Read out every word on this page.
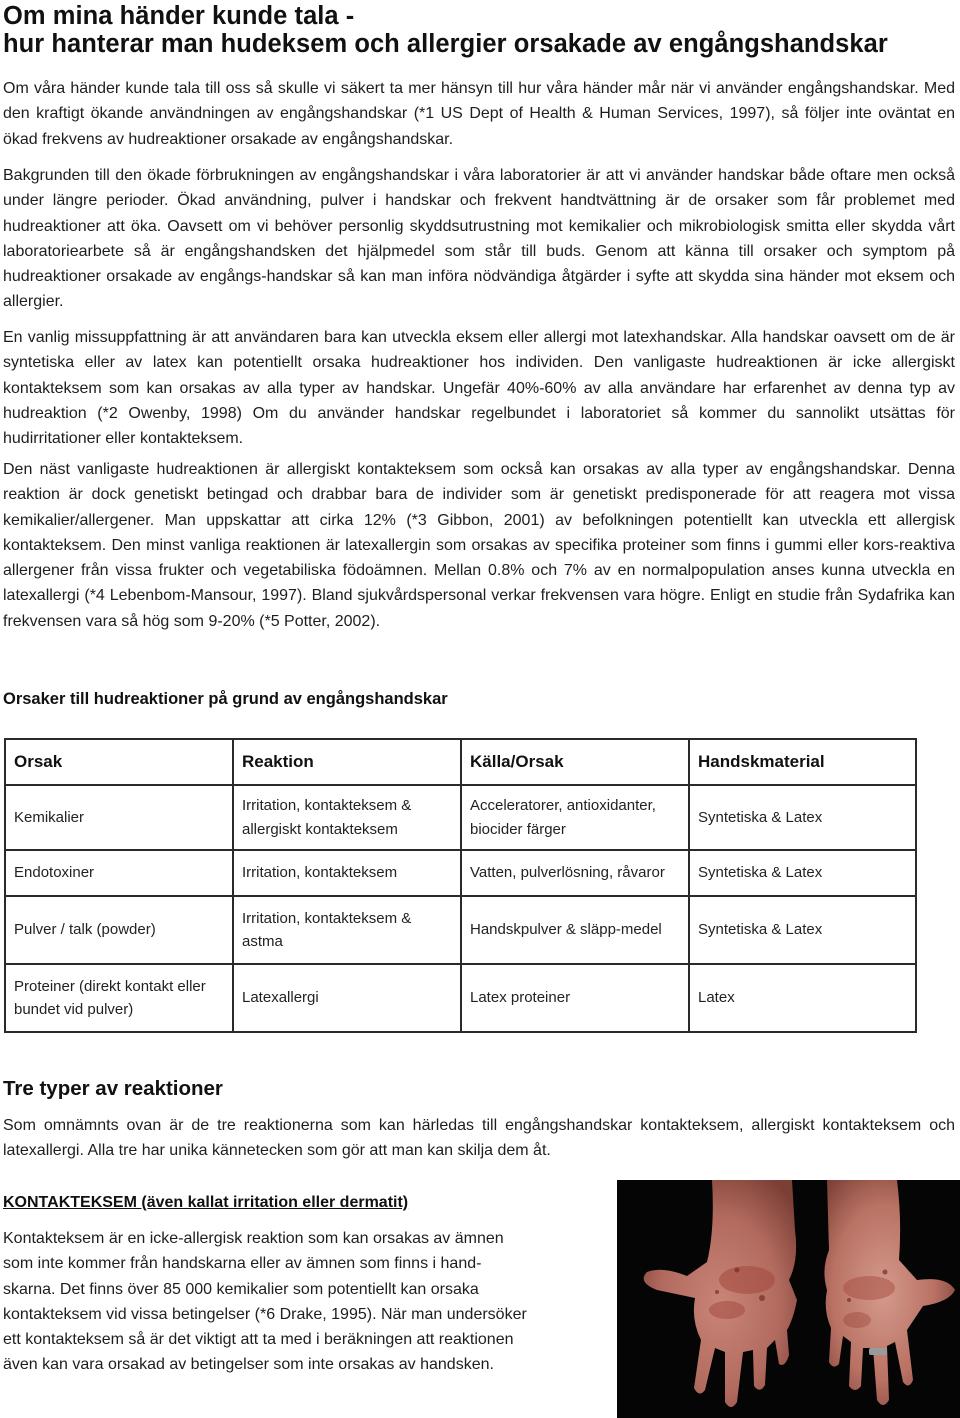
Om mina händer kunde tala -
hur hanterar man hudeksem och allergier orsakade av engångshandskar

Om våra händer kunde tala till oss så skulle vi säkert ta mer hänsyn till hur våra händer mår när vi använder engångshandskar. Med den kraftigt ökande användningen av engångshandskar (*1 US Dept of Health & Human Services, 1997), så följer inte oväntat en ökad frekvens av hudreaktioner orsakade av engångshandskar.

Bakgrunden till den ökade förbrukningen av engångshandskar i våra laboratorier är att vi använder handskar både oftare men också under längre perioder. Ökad användning, pulver i handskar och frekvent handtvättning är de orsaker som får problemet med hudreaktioner att öka. Oavsett om vi behöver personlig skyddsutrustning mot kemikalier och mikrobiologisk smitta eller skydda vårt laboratoriearbete så är engångshandsken det hjälpmedel som står till buds. Genom att känna till orsaker och symptom på hudreaktioner orsakade av engångs-handskar så kan man införa nödvändiga åtgärder i syfte att skydda sina händer mot eksem och allergier.

En vanlig missuppfattning är att användaren bara kan utveckla eksem eller allergi mot latexhandskar. Alla handskar oavsett om de är syntetiska eller av latex kan potentiellt orsaka hudreaktioner hos individen. Den vanligaste hudreaktionen är icke allergiskt kontakteksem som kan orsakas av alla typer av handskar. Ungefär 40%-60% av alla användare har erfarenhet av denna typ av hudreaktion (*2 Owenby, 1998) Om du använder handskar regelbundet i laboratoriet så kommer du sannolikt utsättas för hudirritationer eller kontakteksem.

Den näst vanligaste hudreaktionen är allergiskt kontakteksem som också kan orsakas av alla typer av engångshandskar. Denna reaktion är dock genetiskt betingad och drabbar bara de individer som är genetiskt predisponerade för att reagera mot vissa kemikalier/allergener. Man uppskattar att cirka 12% (*3 Gibbon, 2001) av befolkningen potentiellt kan utveckla ett allergisk kontakteksem. Den minst vanliga reaktionen är latexallergin som orsakas av specifika proteiner som finns i gummi eller kors-reaktiva allergener från vissa frukter och vegetabiliska födoämnen. Mellan 0.8% och 7% av en normalpopulation anses kunna utveckla en latexallergi (*4 Lebenbom-Mansour, 1997). Bland sjukvårdspersonal verkar frekvensen vara högre. Enligt en studie från Sydafrika kan frekvensen vara så hög som 9-20% (*5 Potter, 2002).

Orsaker till hudreaktioner på grund av engångshandskar
Orsak	Reaktion	Källa/Orsak	Handskmaterial
Kemikalier	Irritation, kontakteksem & allergiskt kontakteksem	Acceleratorer, antioxidanter, biocider färger	Syntetiska & Latex
Endotoxiner	Irritation, kontakteksem	Vatten, pulverlösning, råvaror	Syntetiska & Latex
Pulver / talk (powder)	Irritation, kontakteksem & astma	Handskpulver & släpp-medel	Syntetiska & Latex
Proteiner (direkt kontakt eller bundet vid pulver)	Latexallergi	Latex proteiner	Latex
Tre typer av reaktioner

Som omnämnts ovan är de tre reaktionerna som kan härledas till engångshandskar kontakteksem, allergiskt kontakteksem och latexallergi. Alla tre har unika kännetecken som gör att man kan skilja dem åt.

KONTAKTEKSEM (även kallat irritation eller dermatit)
Kontakteksem är en icke-allergisk reaktion som kan orsakas av ämnen
som inte kommer från handskarna eller av ämnen som finns i hand-
skarna. Det finns över 85 000 kemikalier som potentiellt kan orsaka
kontakteksem vid vissa betingelser (*6 Drake, 1995). När man undersöker
ett kontakteksem så är det viktigt att ta med i beräkningen att reaktionen
även kan vara orsakad av betingelser som inte orsakas av handsken.
